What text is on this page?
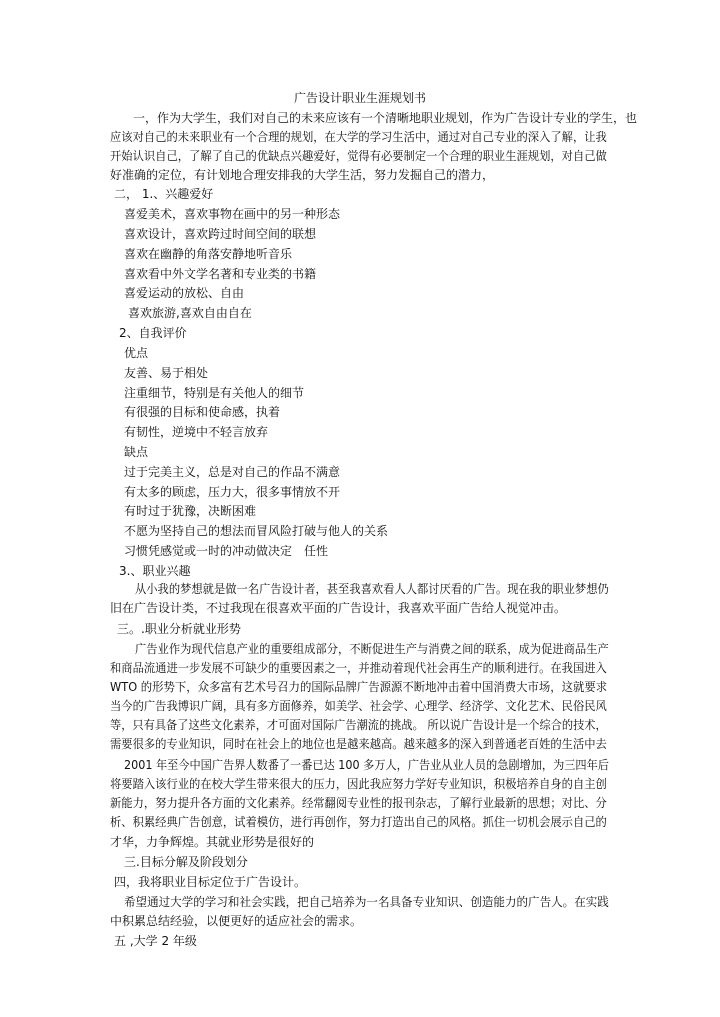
广告设计职业生涯规划书
一，作为大学生，我们对自己的未来应该有一个清晰地职业规划，作为广告设计专业的学生，也
应该对自己的未来职业有一个合理的规划，在大学的学习生活中，通过对自己专业的深入了解，让我
开始认识自己，了解了自己的优缺点兴趣爱好，觉得有必要制定一个合理的职业生涯规划，对自己做
好准确的定位，有计划地合理安排我的大学生活，努力发掘自己的潜力，
二， 1.、兴趣爱好
喜爱美术，喜欢事物在画中的另一种形态
喜欢设计，喜欢跨过时间空间的联想
喜欢在幽静的角落安静地听音乐
喜欢看中外文学名著和专业类的书籍
喜爱运动的放松、自由
喜欢旅游,喜欢自由自在
2、自我评价
优点
友善、易于相处
注重细节，特别是有关他人的细节
有很强的目标和使命感，执着
有韧性，逆境中不轻言放弃
缺点
过于完美主义，总是对自己的作品不满意
有太多的顾虑，压力大，很多事情放不开
有时过于犹豫，决断困难
不愿为坚持自己的想法而冒风险打破与他人的关系
习惯凭感觉或一时的冲动做决定　任性
3.、职业兴趣
从小我的梦想就是做一名广告设计者，甚至我喜欢看人人都讨厌看的广告。现在我的职业梦想仍
旧在广告设计类，不过我现在很喜欢平面的广告设计，我喜欢平面广告给人视觉冲击。
三。.职业分析就业形势
广告业作为现代信息产业的重要组成部分，不断促进生产与消费之间的联系，成为促进商品生产
和商品流通进一步发展不可缺少的重要因素之一，并推动着现代社会再生产的顺利进行。在我国进入
WTO 的形势下，众多富有艺术号召力的国际品牌广告源源不断地冲击着中国消费大市场，这就要求
当今的广告我博识广阔，具有多方面修养，如美学、社会学、心理学、经济学、文化艺术、民俗民风
等，只有具备了这些文化素养，才可面对国际广告潮流的挑战。 所以说广告设计是一个综合的技术，
需要很多的专业知识，同时在社会上的地位也是越来越高。越来越多的深入到普通老百姓的生活中去
2001 年至今中国广告界人数番了一番已达 100 多万人，广告业从业人员的急剧增加，为三四年后
将要踏入该行业的在校大学生带来很大的压力，因此我应努力学好专业知识，积极培养自身的自主创
新能力，努力提升各方面的文化素养。经常翻阅专业性的报刊杂志，了解行业最新的思想；对比、分
析、积累经典广告创意，试着模仿，进行再创作，努力打造出自己的风格。抓住一切机会展示自己的
才华，力争辉煌。其就业形势是很好的
三.目标分解及阶段划分
四，我将职业目标定位于广告设计。
希望通过大学的学习和社会实践，把自己培养为一名具备专业知识、创造能力的广告人。在实践
中积累总结经验，以便更好的适应社会的需求。
五 ,大学 2 年级
